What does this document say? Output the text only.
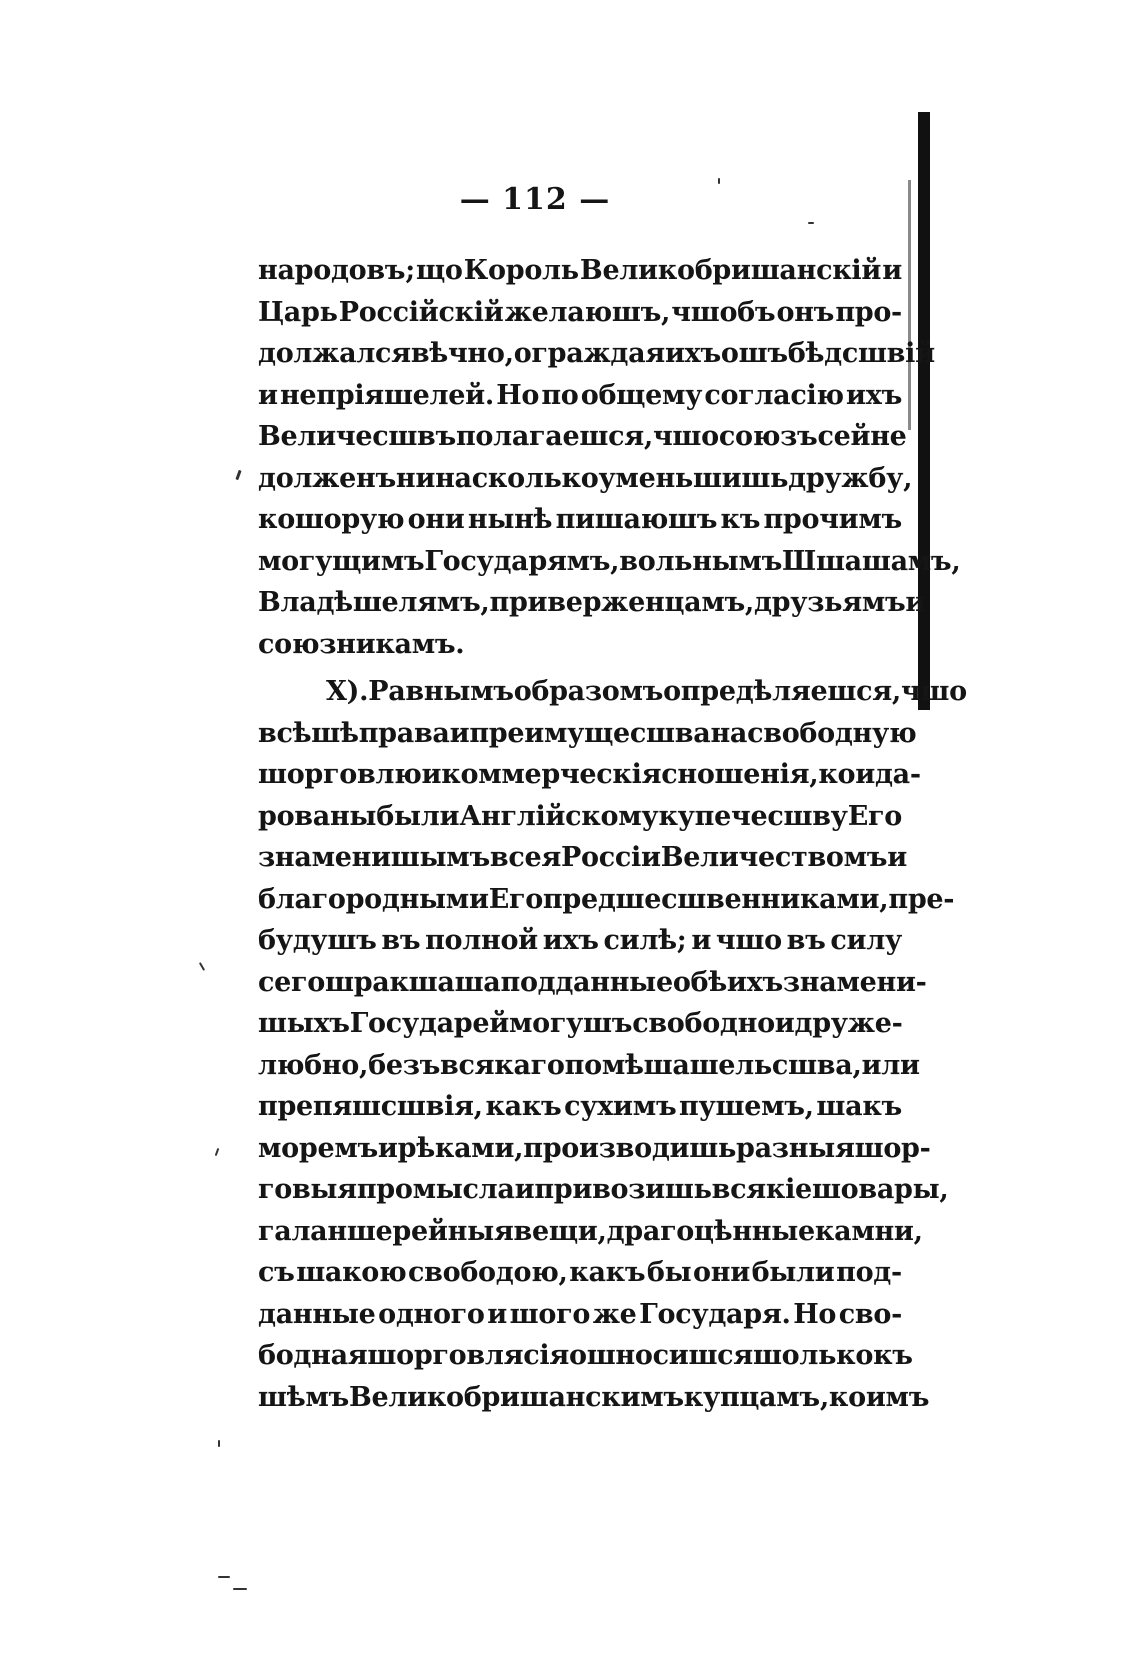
— 112 —
народовъ; що Король Великобришанскій и
Царь Россійскій желаюшъ, чшобъ онъ про-
должался вѣчно, ограждая ихъ ошъ бѣдсшвій
и непріяшелей. Но по общему согласію ихъ
Величесшвъ полагаешся, чшо союзъ сей не
долженъ ни на сколько уменьшишь дружбу,
кошорую они нынѣ пишаюшъ къ прочимъ
могущимъ Государямъ, вольнымъ Шшашамъ,
Владѣшелямъ, приверженцамъ, друзьямъ и
союзникамъ.
X). Равнымъ образомъ опредѣляешся, чшо
всѣ шѣ права и преимущесшва на свободную
шорговлю и коммерческія сношенія, кои да-
рованы были Англійскому купечесшву Его
знаменишымъ всея Россіи Величествомъ и
благородными Его предшесшвенниками, пре-
будушъ въ полной ихъ силѣ; и чшо въ силу
сего шракшаша подданные обѣихъ знамени-
шыхъ Государей могушъ свободно и друже-
любно, безъ всякаго помѣшашельсшва, или
препяшсшвія, какъ сухимъ пушемъ, шакъ
моремъ и рѣками, производишь разныя шор-
говыя промысла и привозишь всякіе шовары,
галаншерейныя вещи, драгоцѣнные камни,
съ шакою свободою, какъ бы они были под-
данные одного и шого же Государя. Но сво-
бодная шорговля сія ошносишся шолько къ
шѣмъ Великобришанскимъ купцамъ, коимъ
